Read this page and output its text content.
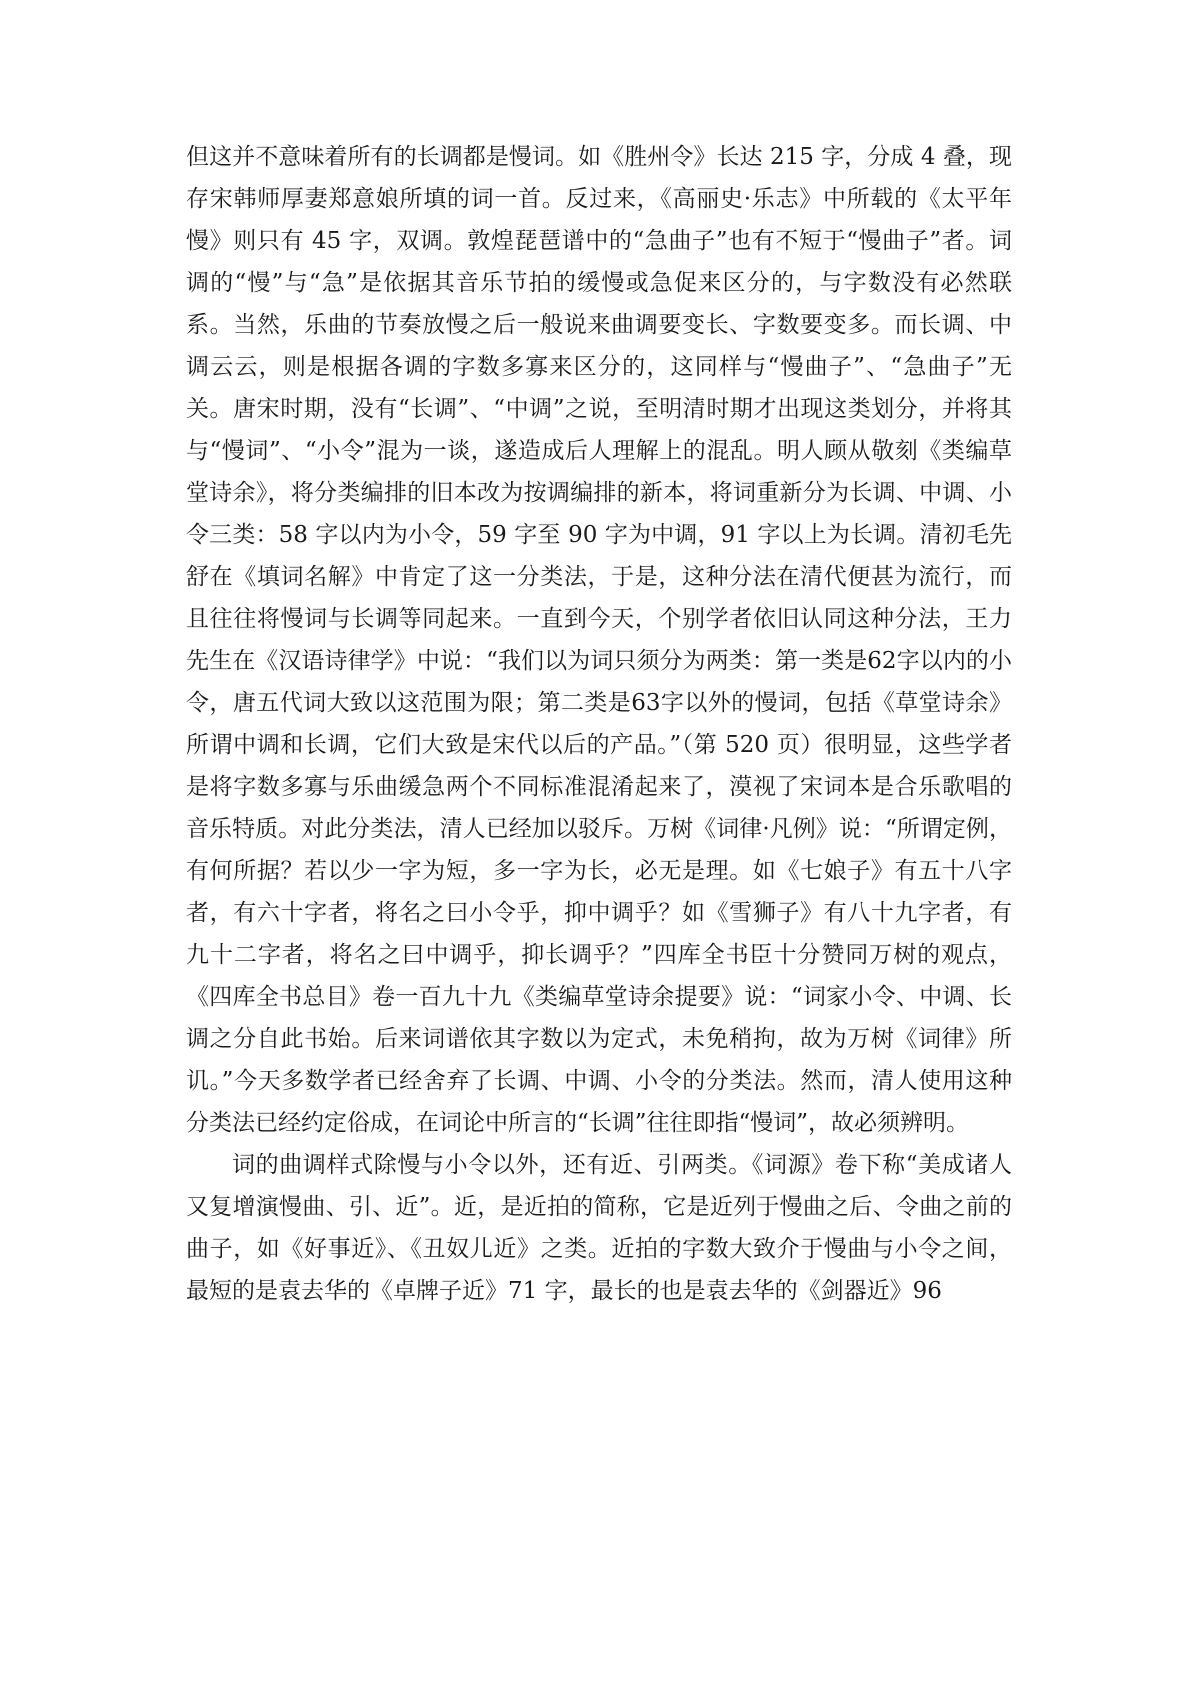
但这并不意味着所有的长调都是慢词。如《胜州令》长达 215 字，分成 4 叠，现存宋韩师厚妻郑意娘所填的词一首。反过来，《高丽史·乐志》中所载的《太平年慢》则只有 45 字，双调。敦煌琵琶谱中的“急曲子”也有不短于“慢曲子”者。词调的“慢”与“急”是依据其音乐节拍的缓慢或急促来区分的，与字数没有必然联系。当然，乐曲的节奏放慢之后一般说来曲调要变长、字数要变多。而长调、中调云云，则是根据各调的字数多寡来区分的，这同样与“慢曲子”、“急曲子”无关。唐宋时期，没有“长调”、“中调”之说，至明清时期才出现这类划分，并将其与“慢词”、“小令”混为一谈，遂造成后人理解上的混乱。明人顾从敬刻《类编草堂诗余》，将分类编排的旧本改为按调编排的新本，将词重新分为长调、中调、小令三类：58 字以内为小令，59 字至 90 字为中调，91 字以上为长调。清初毛先舒在《填词名解》中肯定了这一分类法，于是，这种分法在清代便甚为流行，而且往往将慢词与长调等同起来。一直到今天，个别学者依旧认同这种分法，王力先生在《汉语诗律学》中说：“我们以为词只须分为两类：第一类是62字以内的小令，唐五代词大致以这范围为限；第二类是63字以外的慢词，包括《草堂诗余》所谓中调和长调，它们大致是宋代以后的产品。”（第 520 页）很明显，这些学者是将字数多寡与乐曲缓急两个不同标准混淆起来了，漠视了宋词本是合乐歌唱的音乐特质。对此分类法，清人已经加以驳斥。万树《词律·凡例》说：“所谓定例，有何所据？若以少一字为短，多一字为长，必无是理。如《七娘子》有五十八字者，有六十字者，将名之曰小令乎，抑中调乎？如《雪狮子》有八十九字者，有九十二字者，将名之曰中调乎，抑长调乎？”四库全书臣十分赞同万树的观点，《四库全书总目》卷一百九十九《类编草堂诗余提要》说：“词家小令、中调、长调之分自此书始。后来词谱依其字数以为定式，未免稍拘，故为万树《词律》所讥。”今天多数学者已经舍弃了长调、中调、小令的分类法。然而，清人使用这种分类法已经约定俗成，在词论中所言的“长调”往往即指“慢词”，故必须辨明。

词的曲调样式除慢与小令以外，还有近、引两类。《词源》卷下称“美成诸人又复增演慢曲、引、近”。近，是近拍的简称，它是近列于慢曲之后、令曲之前的曲子，如《好事近》、《丑奴儿近》之类。近拍的字数大致介于慢曲与小令之间，最短的是袁去华的《卓牌子近》71 字，最长的也是袁去华的《剑器近》96
